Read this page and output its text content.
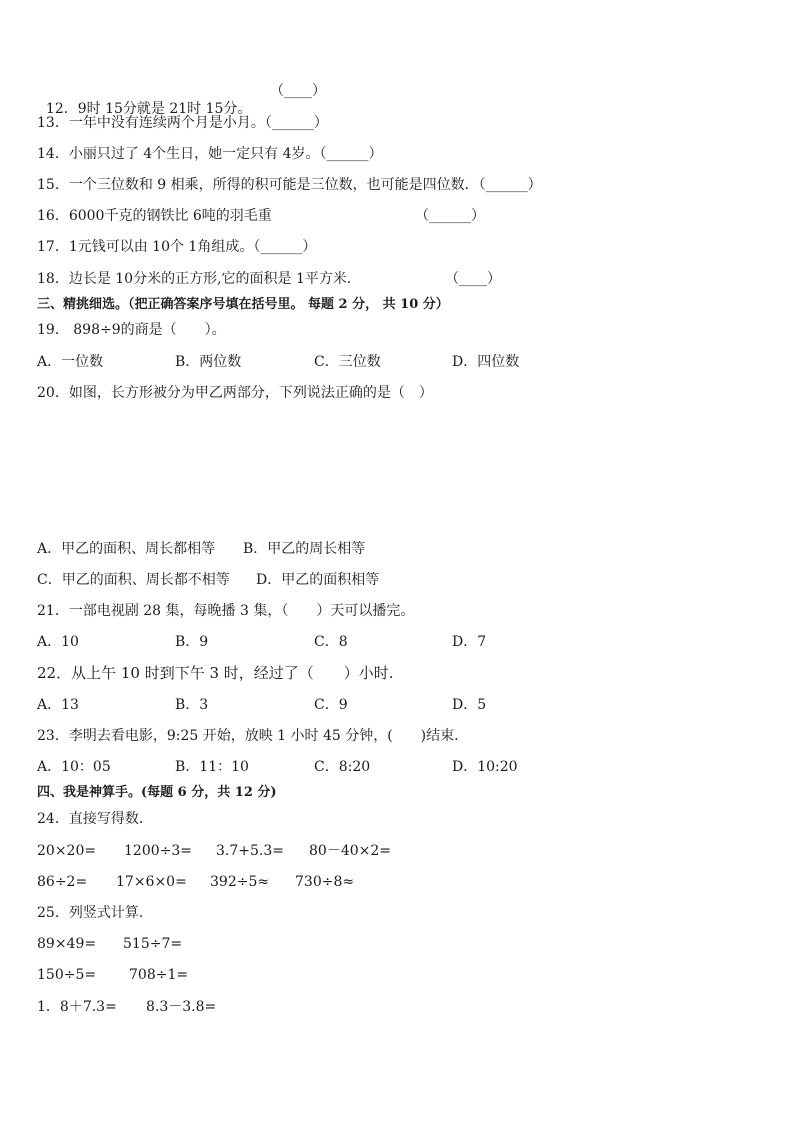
12．9时 15分就是 21时 15分。

（____）
13．一年中没有连续两个月是小月。（______）
14．小丽只过了 4个生日，她一定只有 4岁。（______）
15．一个三位数和 9 相乘，所得的积可能是三位数，也可能是四位数．（______）
16．6000千克的钢铁比 6吨的羽毛重	（______）
17．1元钱可以由 10个 1角组成。（______）
18．边长是 10分米的正方形,它的面积是 1平方米．	（____）
三、精挑细选。（把正确答案序号填在括号里。 每题 2 分， 共 10 分）
19． 898÷9的商是（　　）。
A．一位数	B．两位数	C．三位数	D．四位数
20．如图，长方形被分为甲乙两部分，下列说法正确的是（　）
A．甲乙的面积、周长都相等 B．甲乙的周长相等
C．甲乙的面积、周长都不相等 D．甲乙的面积相等
21．一部电视剧 28 集，每晚播 3 集，（　　）天可以播完。
A．10	B．9	C．8	D．7
22．从上午 10 时到下午 3 时，经过了（　　）小时.
A．13	B．3	C．9	D．5
23．李明去看电影，9:25 开始，放映 1 小时 45 分钟，(　　)结束.
A．10：05	B．11：10	C．8:20	D．10:20
四、我是神算手。(每题 6 分，共 12 分)
24．直接写得数．
20×20= 1200÷3= 3.7+5.3= 80－40×2=
86÷2= 17×6×0= 392÷5≈ 730÷8≈
25．列竖式计算．
89×49= 515÷7=
150÷5= 708÷1=
1．8＋7.3= 8.3－3.8=
